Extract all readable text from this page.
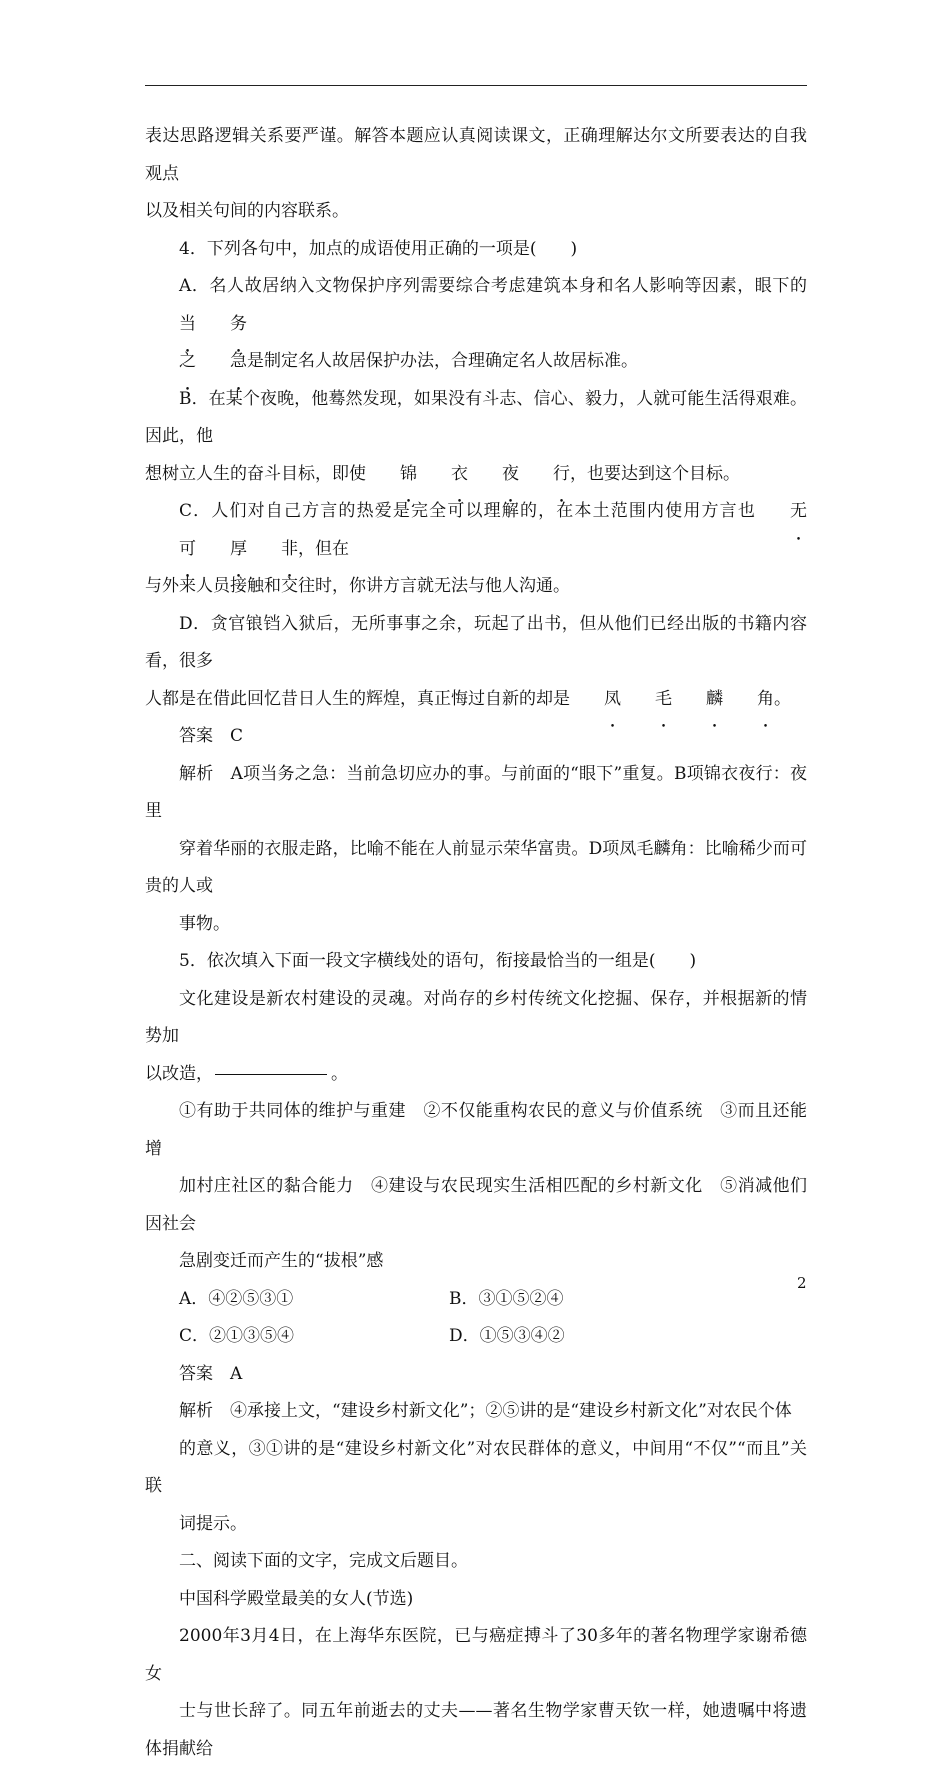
表达思路逻辑关系要严谨。解答本题应认真阅读课文，正确理解达尔文所要表达的自我观点
以及相关句间的内容联系。

4．下列各句中，加点的成语使用正确的一项是(　　)

A．名人故居纳入文物保护序列需要综合考虑建筑本身和名人影响等因素，眼下的当 务
之 急是制定名人故居保护办法，合理确定名人故居标准。

B．在某个夜晚，他蓦然发现，如果没有斗志、信心、毅力，人就可能生活得艰难。因此，他
想树立人生的奋斗目标，即使 锦 衣 夜 行，也要达到这个目标。

C．人们对自己方言的热爱是完全可以理解的，在本土范围内使用方言也 无可 厚 非，但在
与外来人员接触和交往时，你讲方言就无法与他人沟通。

D．贪官锒铛入狱后，无所事事之余，玩起了出书，但从他们已经出版的书籍内容看，很多
人都是在借此回忆昔日人生的辉煌，真正悔过自新的却是 凤 毛 麟 角。

答案　C

解析　A项当务之急：当前急切应办的事。与前面的“眼下”重复。B项锦衣夜行：夜里
穿着华丽的衣服走路，比喻不能在人前显示荣华富贵。D项凤毛麟角：比喻稀少而可贵的人或
事物。

5．依次填入下面一段文字横线处的语句，衔接最恰当的一组是(　　)

文化建设是新农村建设的灵魂。对尚存的乡村传统文化挖掘、保存，并根据新的情势加
以改造，	。

①有助于共同体的维护与重建　②不仅能重构农民的意义与价值系统　③而且还能增
加村庄社区的黏合能力　④建设与农民现实生活相匹配的乡村新文化　⑤消减他们因社会
急剧变迁而产生的“拔根”感

A．④②⑤③①	B．③①⑤②④
C．②①③⑤④	D．①⑤③④②

答案　A

解析　④承接上文，“建设乡村新文化”；②⑤讲的是“建设乡村新文化”对农民个体
的意义，③①讲的是“建设乡村新文化”对农民群体的意义，中间用“不仅”“而且”关联
词提示。

二、阅读下面的文字，完成文后题目。

中国科学殿堂最美的女人(节选)

2000年3月4日，在上海华东医院，已与癌症搏斗了30多年的著名物理学家谢希德女
士与世长辞了。同五年前逝去的丈夫——著名生物学家曹天钦一样，她遗嘱中将遗体捐献给

2
